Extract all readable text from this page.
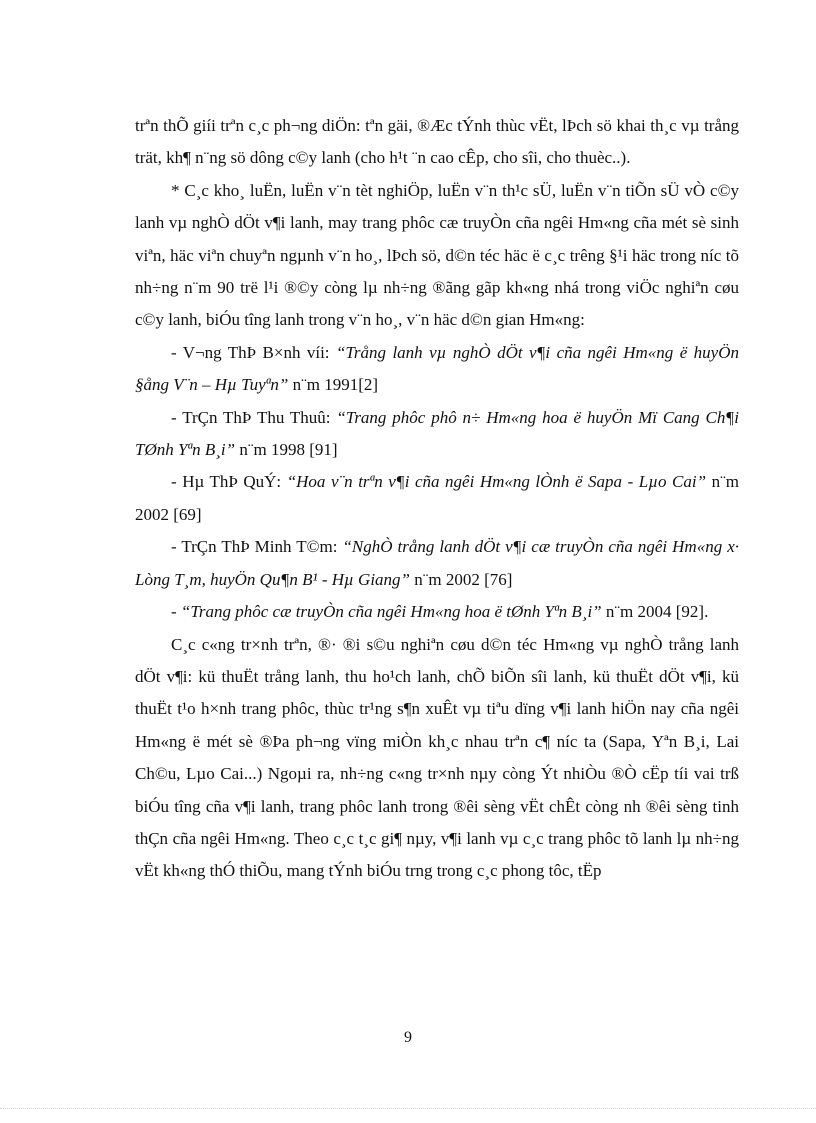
trªn thÕ giíi trªn c¸c ph¬ng diÖn: tªn gäi, ®Æc tÝnh thùc vËt, lÞch sö khai th¸c vµ trång trät, kh¶ n¨ng sö dông c©y lanh (cho h¹t ¨n cao cÊp, cho sîi, cho thuèc..).

* C¸c kho¸ luËn, luËn v¨n tèt nghiÖp, luËn v¨n th¹c sÜ, luËn v¨n tiÕn sÜ vÒ c©y lanh vµ nghÒ dÖt v¶i lanh, may trang phôc cæ truyÒn cña ngêi Hm«ng cña mét sè sinh viªn, häc viªn chuyªn ngµnh v¨n ho¸, lÞch sö, d©n téc häc ë c¸c trêng §¹i häc trong níc tõ nh÷ng n¨m 90 trë l¹i ®©y còng lµ nh÷ng ®ãng gãp kh«ng nhá trong viÖc nghiªn cøu c©y lanh, biÓu tîng lanh trong v¨n ho¸, v¨n häc d©n gian Hm«ng:

- V¬ng ThÞ B×nh víi: “Trång lanh vµ nghÒ dÖt v¶i cña ngêi Hm«ng ë huyÖn §ång V¨n – Hµ Tuyªn” n¨m 1991[2]

- TrÇn ThÞ Thu Thuû: “Trang phôc phô n÷ Hm«ng hoa ë huyÖn Mï Cang Ch¶i TØnh Yªn B¸i” n¨m 1998 [91]

- Hµ ThÞ QuÝ: “Hoa v¨n trªn v¶i cña ngêi Hm«ng lÒnh ë Sapa - Lµo Cai” n¨m 2002 [69]

- TrÇn ThÞ Minh T©m: “NghÒ trång lanh dÖt v¶i cæ truyÒn cña ngêi Hm«ng x· Lòng T¸m, huyÖn Qu¶n B¹ - Hµ Giang” n¨m 2002 [76]

- “Trang phôc cæ truyÒn cña ngêi Hm«ng hoa ë tØnh Yªn B¸i” n¨m 2004 [92].

C¸c c«ng tr×nh trªn, ®· ®i s©u nghiªn cøu d©n téc Hm«ng vµ nghÒ trång lanh dÖt v¶i: kü thuËt trång lanh, thu ho¹ch lanh, chÕ biÕn sîi lanh, kü thuËt dÖt v¶i, kü thuËt t¹o h×nh trang phôc, thùc tr¹ng s¶n xuÊt vµ tiªu dïng v¶i lanh hiÖn nay cña ngêi Hm«ng ë mét sè ®Þa ph¬ng vïng miÒn kh¸c nhau trªn c¶ níc ta (Sapa, Yªn B¸i, Lai Ch©u, Lµo Cai...) Ngoµi ra, nh÷ng c«ng tr×nh nµy còng Ýt nhiÒu ®Ò cËp tíi vai trß biÓu tîng cña v¶i lanh, trang phôc lanh trong ®êi sèng vËt chÊt còng nh ®êi sèng tinh thÇn cña ngêi Hm«ng. Theo c¸c t¸c gi¶ nµy, v¶i lanh vµ c¸c trang phôc tõ lanh lµ nh÷ng vËt kh«ng thÓ thiÕu, mang tÝnh biÓu trng trong c¸c phong tôc, tËp

9
